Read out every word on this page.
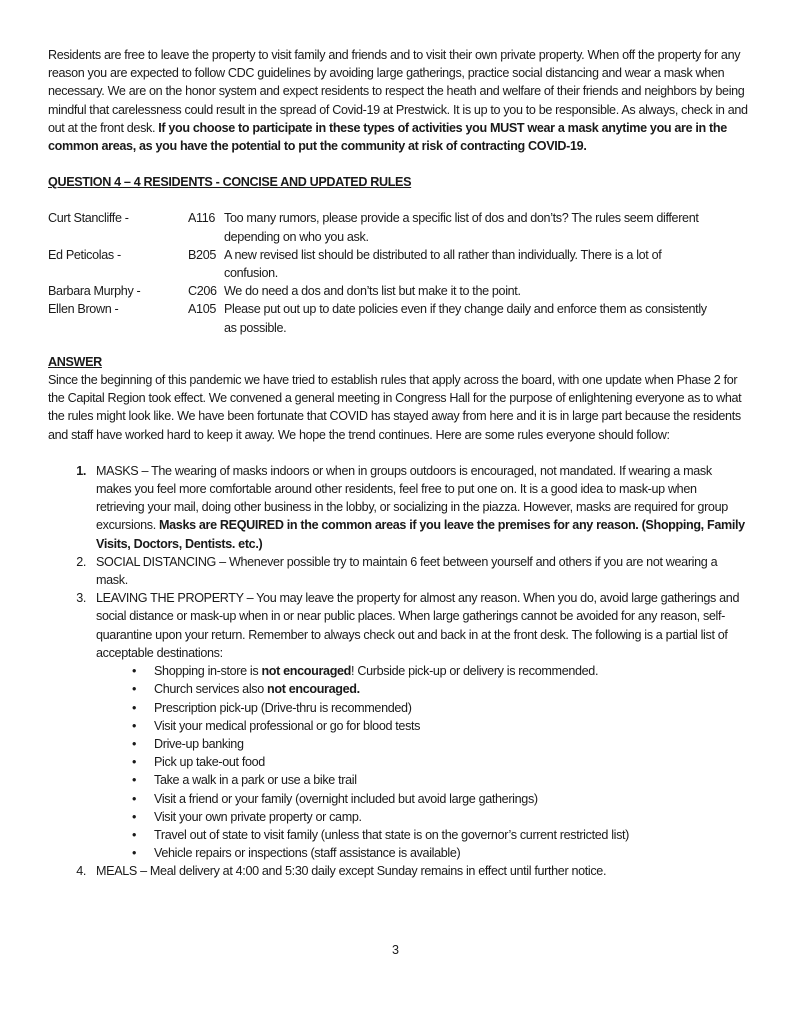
Residents are free to leave the property to visit family and friends and to visit their own private property. When off the property for any reason you are expected to follow CDC guidelines by avoiding large gatherings, practice social distancing and wear a mask when necessary. We are on the honor system and expect residents to respect the heath and welfare of their friends and neighbors by being mindful that carelessness could result in the spread of Covid-19 at Prestwick. It is up to you to be responsible. As always, check in and out at the front desk. If you choose to participate in these types of activities you MUST wear a mask anytime you are in the common areas, as you have the potential to put the community at risk of contracting COVID-19.

QUESTION 4 – 4 RESIDENTS - CONCISE AND UPDATED RULES

Curt Stancliffe -	A116 Too many rumors, please provide a specific list of dos and don’ts? The rules seem different depending on who you ask.
Ed Peticolas -	B205 A new revised list should be distributed to all rather than individually. There is a lot of confusion.
Barbara Murphy -	C206 We do need a dos and don’ts list but make it to the point.
Ellen Brown -	A105 Please put out up to date policies even if they change daily and enforce them as consistently as possible.

ANSWER

Since the beginning of this pandemic we have tried to establish rules that apply across the board, with one update when Phase 2 for the Capital Region took effect. We convened a general meeting in Congress Hall for the purpose of enlightening everyone as to what the rules might look like. We have been fortunate that COVID has stayed away from here and it is in large part because the residents and staff have worked hard to keep it away. We hope the trend continues. Here are some rules everyone should follow:

1. MASKS – The wearing of masks indoors or when in groups outdoors is encouraged, not mandated. If wearing a mask makes you feel more comfortable around other residents, feel free to put one on. It is a good idea to mask-up when retrieving your mail, doing other business in the lobby, or socializing in the piazza. However, masks are required for group excursions. Masks are REQUIRED in the common areas if you leave the premises for any reason. (Shopping, Family Visits, Doctors, Dentists. etc.)
2. SOCIAL DISTANCING – Whenever possible try to maintain 6 feet between yourself and others if you are not wearing a mask.
3. LEAVING THE PROPERTY – You may leave the property for almost any reason. When you do, avoid large gatherings and social distance or mask-up when in or near public places. When large gatherings cannot be avoided for any reason, self-quarantine upon your return. Remember to always check out and back in at the front desk. The following is a partial list of acceptable destinations:
•	Shopping in-store is not encouraged! Curbside pick-up or delivery is recommended.
•	Church services also not encouraged.
•	Prescription pick-up (Drive-thru is recommended)
•	Visit your medical professional or go for blood tests
•	Drive-up banking
•	Pick up take-out food
•	Take a walk in a park or use a bike trail
•	Visit a friend or your family (overnight included but avoid large gatherings)
•	Visit your own private property or camp.
•	Travel out of state to visit family (unless that state is on the governor’s current restricted list)
•	Vehicle repairs or inspections (staff assistance is available)
4. MEALS – Meal delivery at 4:00 and 5:30 daily except Sunday remains in effect until further notice.
3
